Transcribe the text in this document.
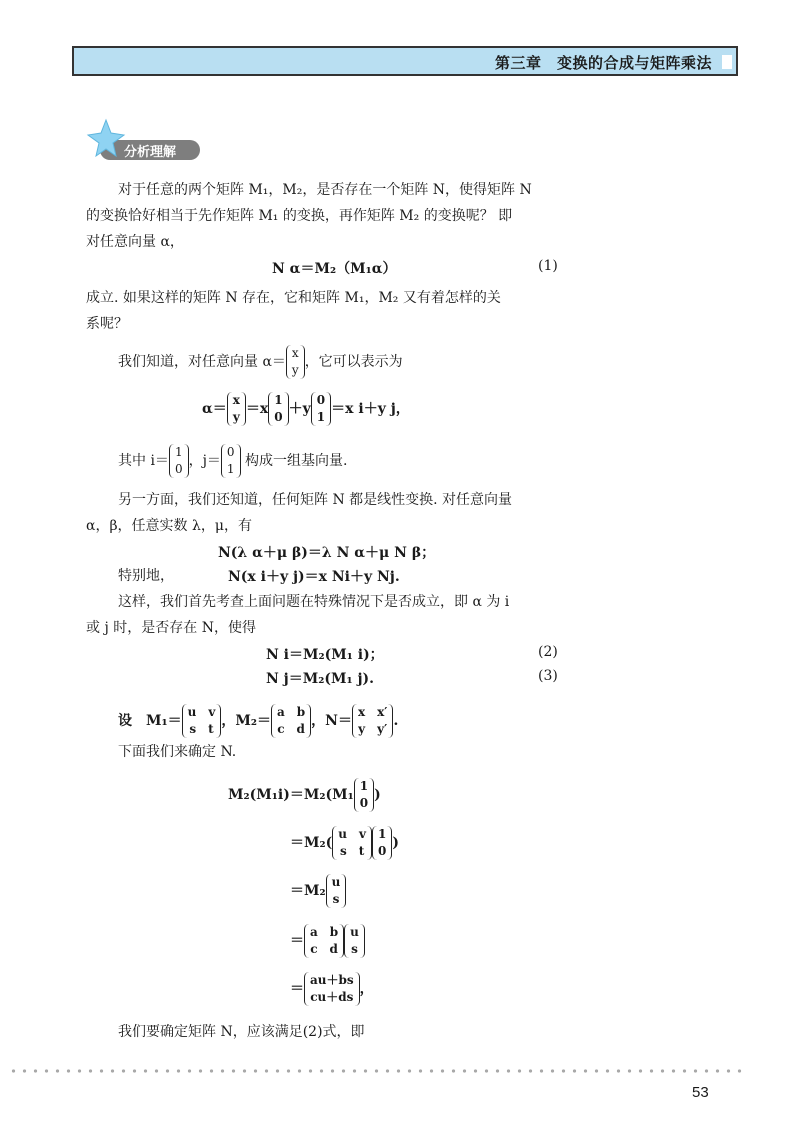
第三章　变换的合成与矩阵乘法
分析理解
对于任意的两个矩阵 M₁，M₂，是否存在一个矩阵 N，使得矩阵 N
的变换恰好相当于先作矩阵 M₁ 的变换，再作矩阵 M₂ 的变换呢？ 即
对任意向量 α，
N α＝M₂（M₁α）	(1)
成立. 如果这样的矩阵 N 存在，它和矩阵 M₁，M₂ 又有着怎样的关
系呢？
我们知道，对任意向量 α＝
x
y ，它可以表示为
α＝
x
y ＝x
1
0 ＋y
0
1 ＝x i＋y j，
其中 i＝
1
0 ，j＝
0
1 构成一组基向量.
另一方面，我们还知道，任何矩阵 N 都是线性变换. 对任意向量
α，β，任意实数 λ，μ，有
N(λ α＋μ β)＝λ N α＋μ N β；
特别地，	N(x i＋y j)＝x Ni＋y Nj.
这样，我们首先考查上面问题在特殊情况下是否成立，即 α 为 i
或 j 时，是否存在 N，使得
N i＝M₂(M₁ i)；	(2)
N j＝M₂(M₁ j).	(3)
设　M₁＝
u　v
s　t ，M₂＝
a　b
c　d ，N＝
x　x′
y　y′ .
下面我们来确定 N.
M₂(M₁i)＝M₂(M₁
1
0 )
＝M₂(
u　v
s　t
1
0 )
＝M₂
u
s
＝
a　b
c　d
u
s
＝
au＋bs
cu＋ds ，
我们要确定矩阵 N，应该满足(2)式，即
53
